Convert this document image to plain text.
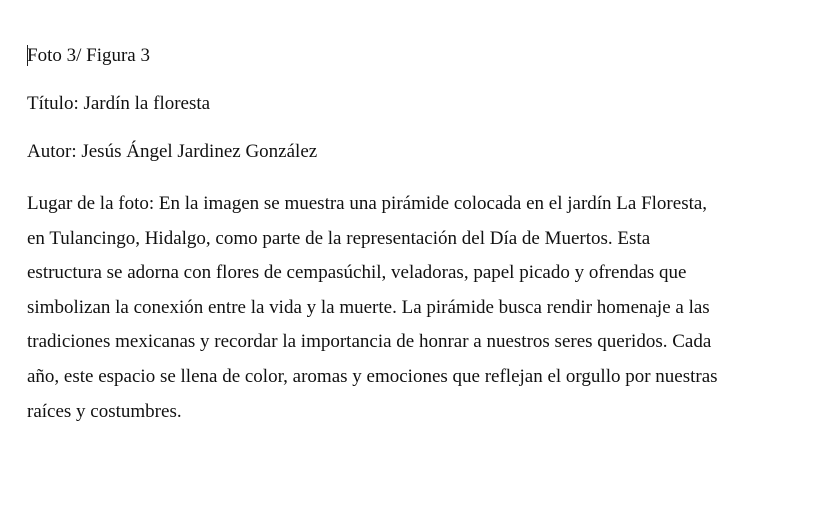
Foto 3/ Figura 3
Título: Jardín la floresta
Autor: Jesús Ángel Jardinez González
Lugar de la foto: En la imagen se muestra una pirámide colocada en el jardín La Floresta,
en Tulancingo, Hidalgo, como parte de la representación del Día de Muertos. Esta
estructura se adorna con flores de cempasúchil, veladoras, papel picado y ofrendas que
simbolizan la conexión entre la vida y la muerte. La pirámide busca rendir homenaje a las
tradiciones mexicanas y recordar la importancia de honrar a nuestros seres queridos. Cada
año, este espacio se llena de color, aromas y emociones que reflejan el orgullo por nuestras
raíces y costumbres.
